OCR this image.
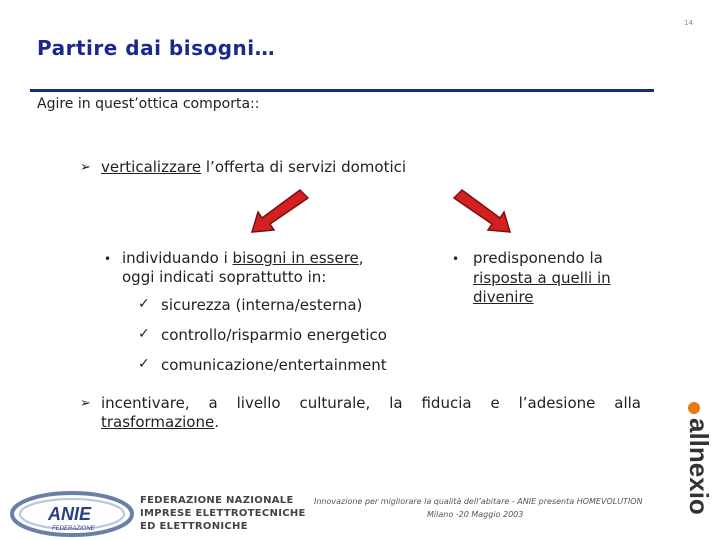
14
Partire dai bisogni…
Agire in quest’ottica comporta::
➢ verticalizzare l’offerta di servizi domotici
• individuando i bisogni in essere,
oggi indicati soprattutto in:
✓ sicurezza (interna/esterna)
✓ controllo/risparmio energetico
✓ comunicazione/entertainment
• predisponendo la
risposta a quelli in
divenire
➢ incentivare, a livello culturale, la fiducia e l’adesione alla
trasformazione.
ANIE
FEDERAZIONE
FEDERAZIONE NAZIONALE
IMPRESE ELETTROTECNICHE
ED ELETTRONICHE
Innovazione per migliorare la qualità dell’abitare - ANIE presenta HOMEVOLUTION
Milano -20 Maggio 2003	allnexio
